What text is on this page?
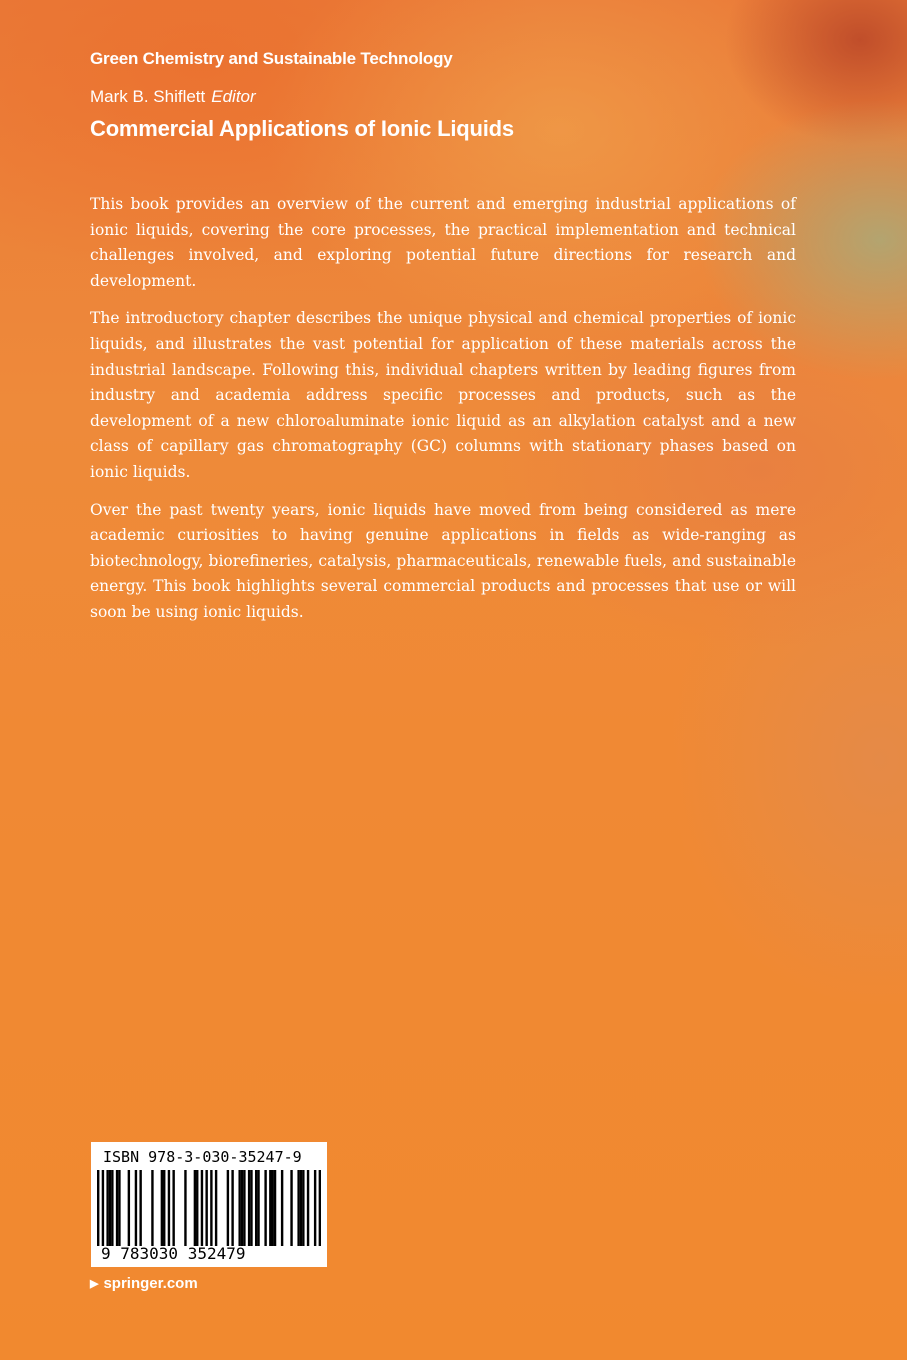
Green Chemistry and Sustainable Technology
Mark B. Shiflett Editor
Commercial Applications of Ionic Liquids

This book provides an overview of the current and emerging industrial applications of ionic liquids, covering the core processes, the practical implementation and technical challenges involved, and exploring potential future directions for research and development.

The introductory chapter describes the unique physical and chemical properties of ionic liquids, and illustrates the vast potential for application of these materials across the industrial landscape. Following this, individual chapters written by leading figures from industry and academia address specific processes and products, such as the development of a new chloroaluminate ionic liquid as an alkylation catalyst and a new class of capillary gas chromatography (GC) columns with stationary phases based on ionic liquids.

Over the past twenty years, ionic liquids have moved from being considered as mere academic curiosities to having genuine applications in fields as wide-ranging as biotechnology, biorefineries, catalysis, pharmaceuticals, renewable fuels, and sustainable energy. This book highlights several commercial products and processes that use or will soon be using ionic liquids.

ISBN 978-3-030-35247-9
9 783030 352479
▶ springer.com
